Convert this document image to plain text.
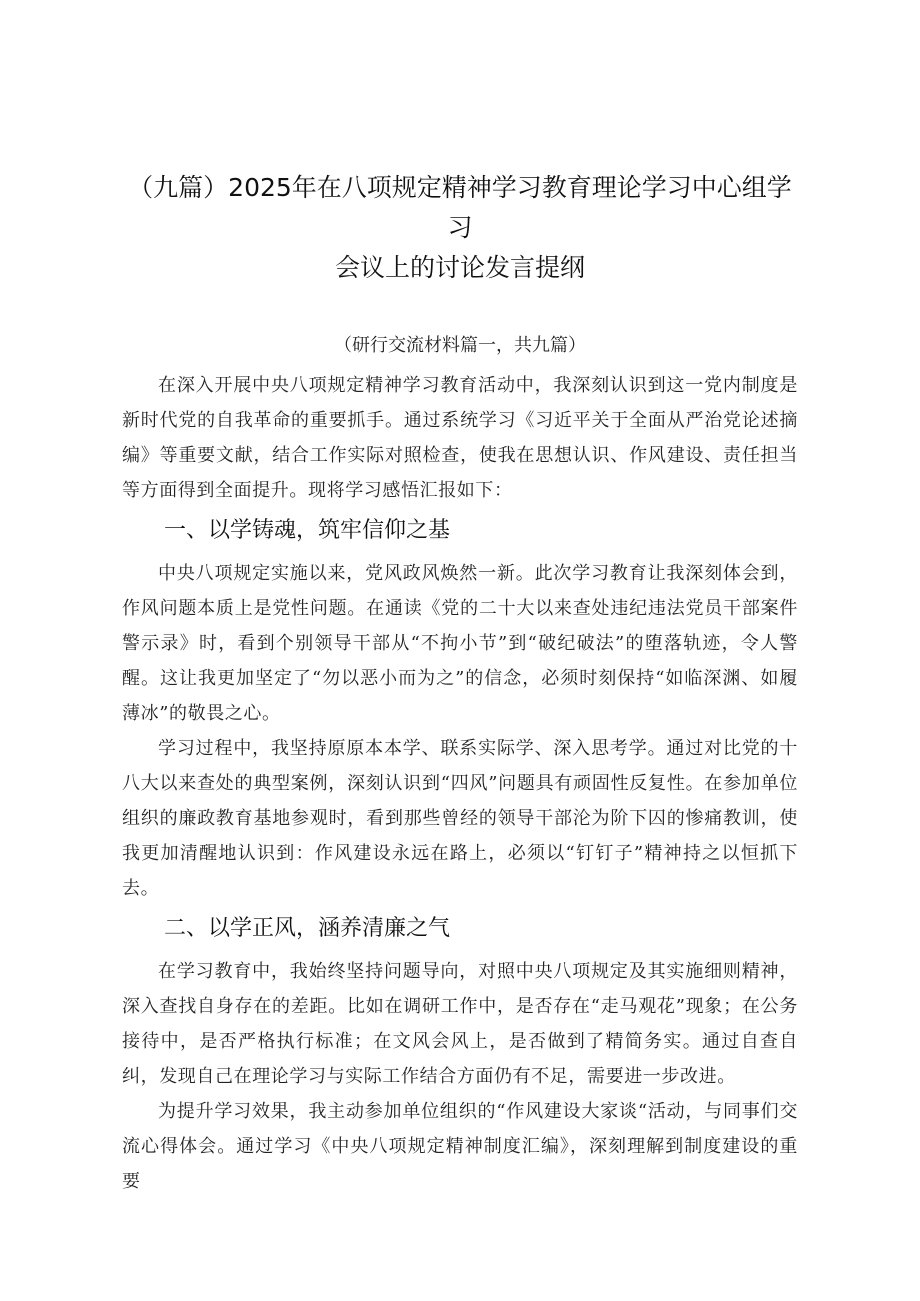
（九篇）2025年在八项规定精神学习教育理论学习中心组学习
会议上的讨论发言提纲

（研行交流材料篇一，共九篇）

在深入开展中央八项规定精神学习教育活动中，我深刻认识到这一党内制度是新时代党的自我革命的重要抓手。通过系统学习《习近平关于全面从严治党论述摘编》等重要文献，结合工作实际对照检查，使我在思想认识、作风建设、责任担当等方面得到全面提升。现将学习感悟汇报如下：

一、以学铸魂，筑牢信仰之基

中央八项规定实施以来，党风政风焕然一新。此次学习教育让我深刻体会到，作风问题本质上是党性问题。在通读《党的二十大以来查处违纪违法党员干部案件警示录》时，看到个别领导干部从“不拘小节”到“破纪破法”的堕落轨迹，令人警醒。这让我更加坚定了“勿以恶小而为之”的信念，必须时刻保持“如临深渊、如履薄冰”的敬畏之心。

学习过程中，我坚持原原本本学、联系实际学、深入思考学。通过对比党的十八大以来查处的典型案例，深刻认识到“四风”问题具有顽固性反复性。在参加单位组织的廉政教育基地参观时，看到那些曾经的领导干部沦为阶下囚的惨痛教训，使我更加清醒地认识到：作风建设永远在路上，必须以“钉钉子”精神持之以恒抓下去。

二、以学正风，涵养清廉之气

在学习教育中，我始终坚持问题导向，对照中央八项规定及其实施细则精神，深入查找自身存在的差距。比如在调研工作中，是否存在“走马观花”现象；在公务接待中，是否严格执行标准；在文风会风上，是否做到了精简务实。通过自查自纠，发现自己在理论学习与实际工作结合方面仍有不足，需要进一步改进。

为提升学习效果，我主动参加单位组织的“作风建设大家谈“活动，与同事们交流心得体会。通过学习《中央八项规定精神制度汇编》，深刻理解到制度建设的重要
